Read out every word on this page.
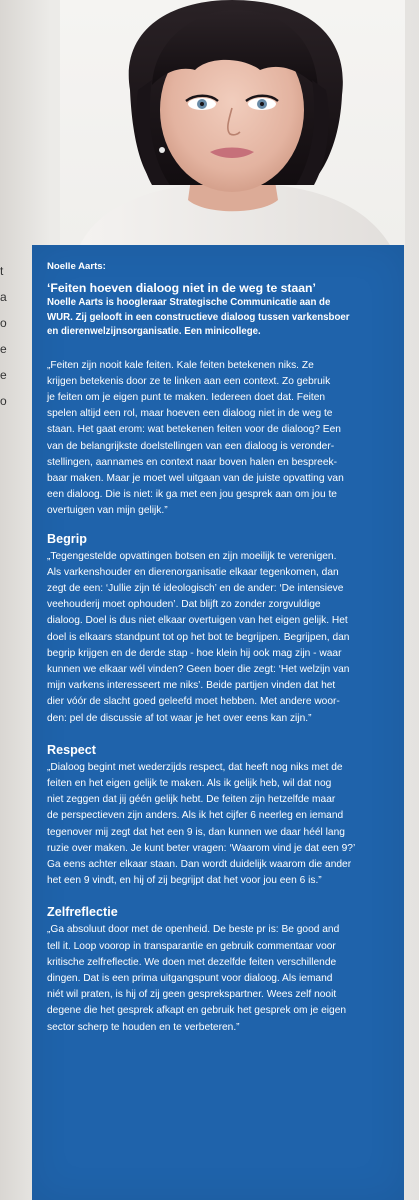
t
a
o
e
e
o

Noelle Aarts:

‘Feiten hoeven dialoog niet in de weg te staan’

Noelle Aarts is hoogleraar Strategische Communicatie aan de
WUR. Zij gelooft in een constructieve dialoog tussen varkensboer
en dierenwelzijnsorganisatie. Een minicollege.

„Feiten zijn nooit kale feiten. Kale feiten betekenen niks. Ze
krijgen betekenis door ze te linken aan een context. Zo gebruik
je feiten om je eigen punt te maken. Iedereen doet dat. Feiten
spelen altijd een rol, maar hoeven een dialoog niet in de weg te
staan. Het gaat erom: wat betekenen feiten voor de dialoog? Een
van de belangrijkste doelstellingen van een dialoog is veronder-
stellingen, aannames en context naar boven halen en bespreek-
baar maken. Maar je moet wel uitgaan van de juiste opvatting van
een dialoog. Die is niet: ik ga met een jou gesprek aan om jou te
overtuigen van mijn gelijk.”

Begrip

„Tegengestelde opvattingen botsen en zijn moeilijk te verenigen.
Als varkenshouder en dierenorganisatie elkaar tegenkomen, dan
zegt de een: ‘Jullie zijn té ideologisch’ en de ander: ‘De intensieve
veehouderij moet ophouden’. Dat blijft zo zonder zorgvuldige
dialoog. Doel is dus niet elkaar overtuigen van het eigen gelijk. Het
doel is elkaars standpunt tot op het bot te begrijpen. Begrijpen, dan
begrip krijgen en de derde stap - hoe klein hij ook mag zijn - waar
kunnen we elkaar wél vinden? Geen boer die zegt: ‘Het welzijn van
mijn varkens interesseert me niks’. Beide partijen vinden dat het
dier vóór de slacht goed geleefd moet hebben. Met andere woor-
den: pel de discussie af tot waar je het over eens kan zijn.”

Respect

„Dialoog begint met wederzijds respect, dat heeft nog niks met de
feiten en het eigen gelijk te maken. Als ik gelijk heb, wil dat nog
niet zeggen dat jij géén gelijk hebt. De feiten zijn hetzelfde maar
de perspectieven zijn anders. Als ik het cijfer 6 neerleg en iemand
tegenover mij zegt dat het een 9 is, dan kunnen we daar héél lang
ruzie over maken. Je kunt beter vragen: ‘Waarom vind je dat een 9?’
Ga eens achter elkaar staan. Dan wordt duidelijk waarom die ander
het een 9 vindt, en hij of zij begrijpt dat het voor jou een 6 is.”

Zelfreflectie

„Ga absoluut door met de openheid. De beste pr is: Be good and
tell it. Loop voorop in transparantie en gebruik commentaar voor
kritische zelfreflectie. We doen met dezelfde feiten verschillende
dingen. Dat is een prima uitgangspunt voor dialoog. Als iemand
niét wil praten, is hij of zij geen gesprekspartner. Wees zelf nooit
degene die het gesprek afkapt en gebruik het gesprek om je eigen
sector scherp te houden en te verbeteren.”
